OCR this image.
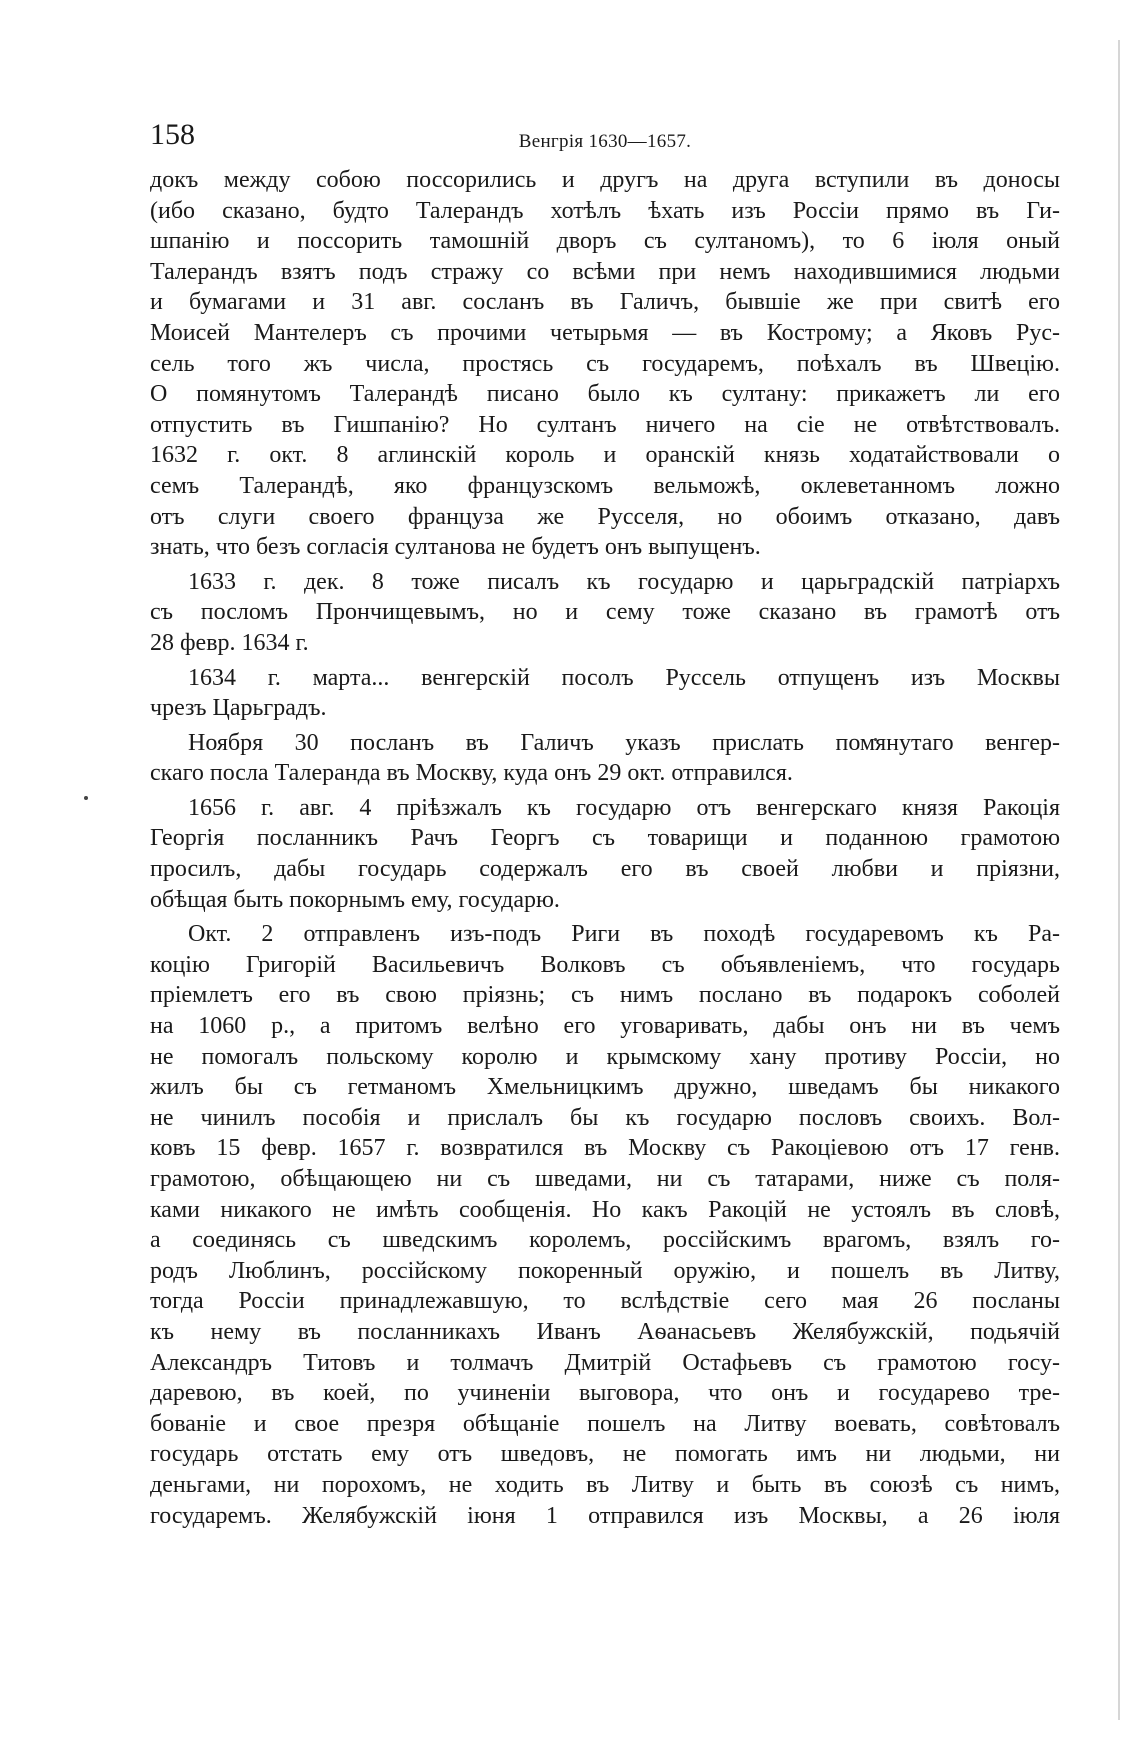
158	Венгрія 1630—1657.
докъ между собою поссорились и другъ на друга вступили въ доносы
(ибо сказано, будто Талерандъ хотѣлъ ѣхать изъ Россіи прямо въ Ги-
шпанію и поссорить тамошній дворъ съ султаномъ), то 6 іюля оный
Талерандъ взятъ подъ стражу со всѣми при немъ находившимися людьми
и бумагами и 31 авг. сосланъ въ Галичъ, бывшіе же при свитѣ его
Моисей Мантелеръ съ прочими четырьмя — въ Кострому; а Яковъ Рус-
сель того жъ числа, простясь съ государемъ, поѣхалъ въ Швецію.
О помянутомъ Талерандѣ писано было къ султану: прикажетъ ли его
отпустить въ Гишпанію? Но султанъ ничего на сіе не отвѣтствовалъ.
1632 г. окт. 8 аглинскій король и оранскій князь ходатайствовали о
семъ Талерандѣ, яко французскомъ вельможѣ, оклеветанномъ ложно
отъ слуги своего француза же Русселя, но обоимъ отказано, давъ
знать, что безъ согласія султанова не будетъ онъ выпущенъ.
1633 г. дек. 8 тоже писалъ къ государю и царьградскій патріархъ
съ посломъ Прончищевымъ, но и сему тоже сказано въ грамотѣ отъ
28 февр. 1634 г.
1634 г. марта... венгерскій посолъ Руссель отпущенъ изъ Москвы
чрезъ Царьградъ.
Ноября 30 посланъ въ Галичъ указъ прислать помянутаго венгер-
скаго посла Талеранда въ Москву, куда онъ 29 окт. отправился.
1656 г. авг. 4 пріѣзжалъ къ государю отъ венгерскаго князя Ракоція
Георгія посланникъ Рачъ Георгъ съ товарищи и поданною грамотою
просилъ, дабы государь содержалъ его въ своей любви и пріязни,
обѣщая быть покорнымъ ему, государю.
Окт. 2 отправленъ изъ-подъ Риги въ походѣ государевомъ къ Ра-
коцію Григорій Васильевичъ Волковъ съ объявленіемъ, что государь
пріемлетъ его въ свою пріязнь; съ нимъ послано въ подарокъ соболей
на 1060 р., а притомъ велѣно его уговаривать, дабы онъ ни въ чемъ
не помогалъ польскому королю и крымскому хану противу Россіи, но
жилъ бы съ гетманомъ Хмельницкимъ дружно, шведамъ бы никакого
не чинилъ пособія и прислалъ бы къ государю пословъ своихъ. Вол-
ковъ 15 февр. 1657 г. возвратился въ Москву съ Ракоціевою отъ 17 генв.
грамотою, обѣщающею ни съ шведами, ни съ татарами, ниже съ поля-
ками никакого не имѣть сообщенія. Но какъ Ракоцій не устоялъ въ словѣ,
а соединясь съ шведскимъ королемъ, россійскимъ врагомъ, взялъ го-
родъ Люблинъ, россійскому покоренный оружію, и пошелъ въ Литву,
тогда Россіи принадлежавшую, то вслѣдствіе сего мая 26 посланы
къ нему въ посланникахъ Иванъ Аѳанасьевъ Желябужскій, подьячій
Александръ Титовъ и толмачъ Дмитрій Остафьевъ съ грамотою госу-
даревою, въ коей, по учиненіи выговора, что онъ и государево тре-
бованіе и свое презря обѣщаніе пошелъ на Литву воевать, совѣтовалъ
государь отстать ему отъ шведовъ, не помогать имъ ни людьми, ни
деньгами, ни порохомъ, не ходить въ Литву и быть въ союзѣ съ нимъ,
государемъ. Желябужскій іюня 1 отправился изъ Москвы, а 26 іюля
